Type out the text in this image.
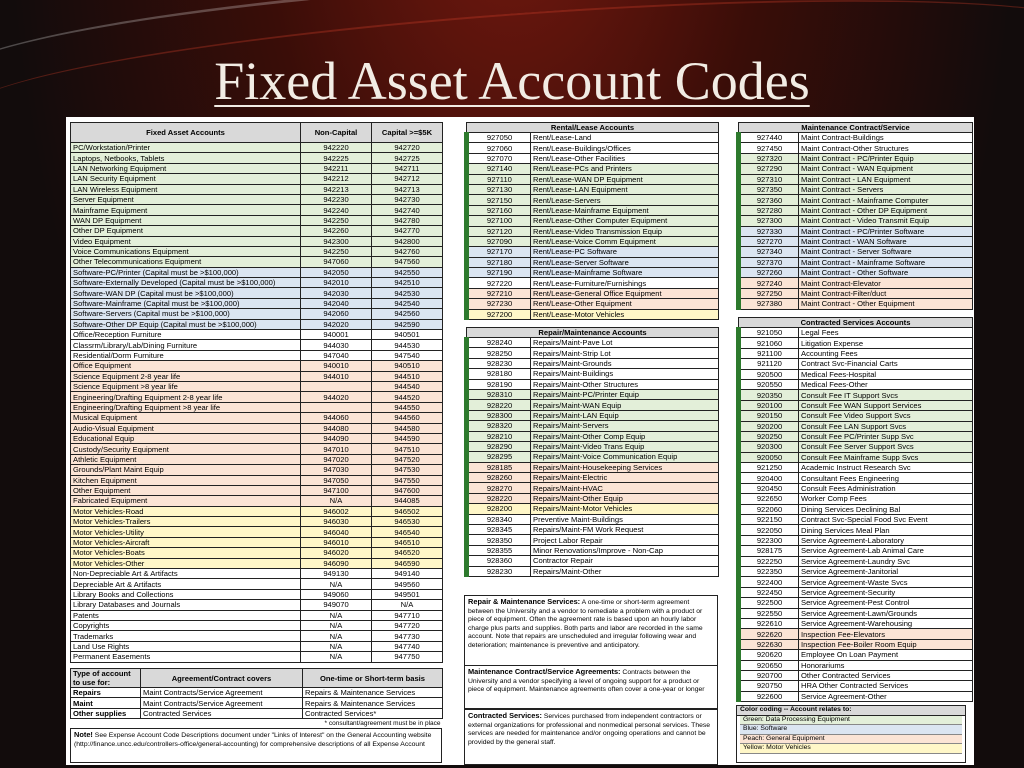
Fixed Asset Account Codes
Fixed Asset Accounts	Non-Capital	Capital >=$5K
PC/Workstation/Printer	942220	942720
Laptops, Netbooks, Tablets	942225	942725
LAN Networking Equipment	942211	942711
LAN Security Equipment	942212	942712
LAN Wireless Equipment	942213	942713
Server Equipment	942230	942730
Mainframe Equipment	942240	942740
WAN DP Equipment	942250	942780
Other DP Equipment	942260	942770
Video Equipment	942300	942800
Voice Communications Equipment	942250	942760
Other Telecommunications Equipment	947060	947560
Software-PC/Printer (Capital must be >$100,000)	942050	942550
Software-Externally Developed (Capital must be >$100,000)	942010	942510
Software-WAN DP (Capital must be >$100,000)	942030	942530
Software-Mainframe (Capital must be >$100,000)	942040	942540
Software-Servers (Capital must be >$100,000)	942060	942560
Software-Other DP Equip (Capital must be >$100,000)	942020	942590
Office/Reception Furniture	940001	940501
Classrm/Library/Lab/Dining Furniture	944030	944530
Residential/Dorm Furniture	947040	947540
Office Equipment	940010	940510
Science Equipment 2-8 year life	944010	944510
Science Equipment >8 year life		944540
Engineering/Drafting Equipment 2-8 year life	944020	944520
Engineering/Drafting Equipment >8 year life		944550
Musical Equipment	944060	944560
Audio-Visual Equipment	944080	944580
Educational Equip	944090	944590
Custody/Security Equipment	947010	947510
Athletic Equipment	947020	947520
Grounds/Plant Maint Equip	947030	947530
Kitchen Equipment	947050	947550
Other Equipment	947100	947600
Fabricated Equipment	N/A	944085
Motor Vehicles-Road	946002	946502
Motor Vehicles-Trailers	946030	946530
Motor Vehicles-Utility	946040	946540
Motor Vehicles-Aircraft	946010	946510
Motor Vehicles-Boats	946020	946520
Motor Vehicles-Other	946090	946590
Non-Depreciable Art & Artifacts	949130	949140
Depreciable Art & Artifacts	N/A	949560
Library Books and Collections	949060	949501
Library Databases and Journals	949070	N/A
Patents	N/A	947710
Copyrights	N/A	947720
Trademarks	N/A	947730
Land Use Rights	N/A	947740
Permanent Easements	N/A	947750
Rental/Lease Accounts	
927050	Rent/Lease-Land
927060	Rent/Lease-Buildings/Offices
927070	Rent/Lease-Other Facilities
927140	Rent/Lease-PCs and Printers
927110	Rent/Lease-WAN DP Equipment
927130	Rent/Lease-LAN Equipment
927150	Rent/Lease-Servers
927160	Rent/Lease-Mainframe Equipment
927100	Rent/Lease-Other Computer Equipment
927120	Rent/Lease-Video Transmission Equip
927090	Rent/Lease-Voice Comm Equipment
927170	Rent/Lease-PC Software
927180	Rent/Lease-Server Software
927190	Rent/Lease-Mainframe Software
927220	Rent/Lease-Furniture/Furnishings
927210	Rent/Lease-General Office Equipment
927230	Rent/Lease-Other Equipment
927200	Rent/Lease-Motor Vehicles
Repair/Maintenance Accounts	
928240	Repairs/Maint-Pave Lot
928250	Repairs/Maint-Strip Lot
928230	Repairs/Maint-Grounds
928180	Repairs/Maint-Buildings
928190	Repairs/Maint-Other Structures
928310	Repairs/Maint-PC/Printer Equip
928220	Repairs/Maint-WAN Equip
928300	Repairs/Maint-LAN Equip
928320	Repairs/Maint-Servers
928210	Repairs/Maint-Other Comp Equip
928290	Repairs/Maint-Video Trans Equip
928295	Repairs/Maint-Voice Communication Equip
928185	Repairs/Maint-Housekeeping Services
928260	Repairs/Maint-Electric
928270	Repairs/Maint-HVAC
928220	Repairs/Maint-Other Equip
928200	Repairs/Maint-Motor Vehicles
928340	Preventive Maint-Buildings
928345	Repairs/Maint-FM Work Request
928350	Project Labor Repair
928355	Minor Renovations/Improve - Non-Cap
928360	Contractor Repair
928230	Repairs/Maint-Other
Maintenance Contract/Service	
927440	Maint Contract-Buildings
927450	Maint Contract-Other Structures
927320	Maint Contract - PC/Printer Equip
927290	Maint Contract - WAN Equipment
927310	Maint Contract - LAN Equipment
927350	Maint Contract - Servers
927360	Maint Contract - Mainframe Computer
927280	Maint Contract - Other DP Equipment
927300	Maint Contract - Video Transmit Equip
927330	Maint Contract - PC/Printer Software
927270	Maint Contract - WAN Software
927340	Maint Contract - Server Software
927370	Maint Contract - Mainframe Software
927260	Maint Contract - Other Software
927240	Maint Contract-Elevator
927250	Maint Contract-Filter/duct
927380	Maint Contract - Other Equipment
Contracted Services Accounts	
921050	Legal Fees
921060	Litigation Expense
921100	Accounting Fees
921120	Contract Svc-Financial Carts
920500	Medical Fees-Hospital
920550	Medical Fees-Other
920350	Consult Fee IT Support Svcs
920100	Consult Fee WAN Support Services
920150	Consult Fee Video Support Svcs
920200	Consult Fee LAN Support Svcs
920250	Consult Fee PC/Printer Supp Svc
920300	Consult Fee Server Support Svcs
920050	Consult Fee Mainframe Supp Svcs
921250	Academic Instruct Research Svc
920400	Consultant Fees Engineering
920450	Consult Fees Administration
922650	Worker Comp Fees
922060	Dining Services Declining Bal
922150	Contract Svc-Special Food Svc Event
922050	Dining Services Meal Plan
922300	Service Agreement-Laboratory
928175	Service Agreement-Lab Animal Care
922250	Service Agreement-Laundry Svc
922350	Service Agreement-Janitorial
922400	Service Agreement-Waste Svcs
922450	Service Agreement-Security
922500	Service Agreement-Pest Control
922550	Service Agreement-Lawn/Grounds
922610	Service Agreement-Warehousing
922620	Inspection Fee-Elevators
922630	Inspection Fee-Boiler Room Equip
920620	Employee On Loan Payment
920650	Honorariums
920700	Other Contracted Services
920750	HRA Other Contracted Services
922600	Service Agreement-Other
Type of account to use for:	Agreement/Contract covers	One-time or Short-term basis
Repairs	Maint Contracts/Service Agreement	Repairs & Maintenance Services
Maint	Maint Contracts/Service Agreement	Repairs & Maintenance Services
Other supplies	Contracted Services	Contracted Services*
* consultant/agreement must be in place		
Note! See Expense Account Code Descriptions document under "Links of Interest" on the General Accounting website (http://finance.uncc.edu/controllers-office/general-accounting) for comprehensive descriptions of all Expense Account
Repair & Maintenance Services: A one-time or short-term agreement between the University and a vendor to remediate a problem with a product or piece of equipment. Often the agreement rate is based upon an hourly labor charge plus parts and supplies. Both parts and labor are recorded in the same account. Note that repairs are unscheduled and irregular following wear and deterioration; maintenance is preventive and anticipatory.
Maintenance Contract/Service Agreements: Contracts between the University and a vendor specifying a level of ongoing support for a product or piece of equipment. Maintenance agreements often cover a one-year or longer
Contracted Services: Services purchased from independent contractors or external organizations for professional and nonmedical personal services. These services are needed for maintenance and/or ongoing operations and cannot be provided by the general staff.
Color coding -- Account relates to:
Green: Data Processing Equipment
Blue: Software
Peach: General Equipment
Yellow: Motor Vehicles
